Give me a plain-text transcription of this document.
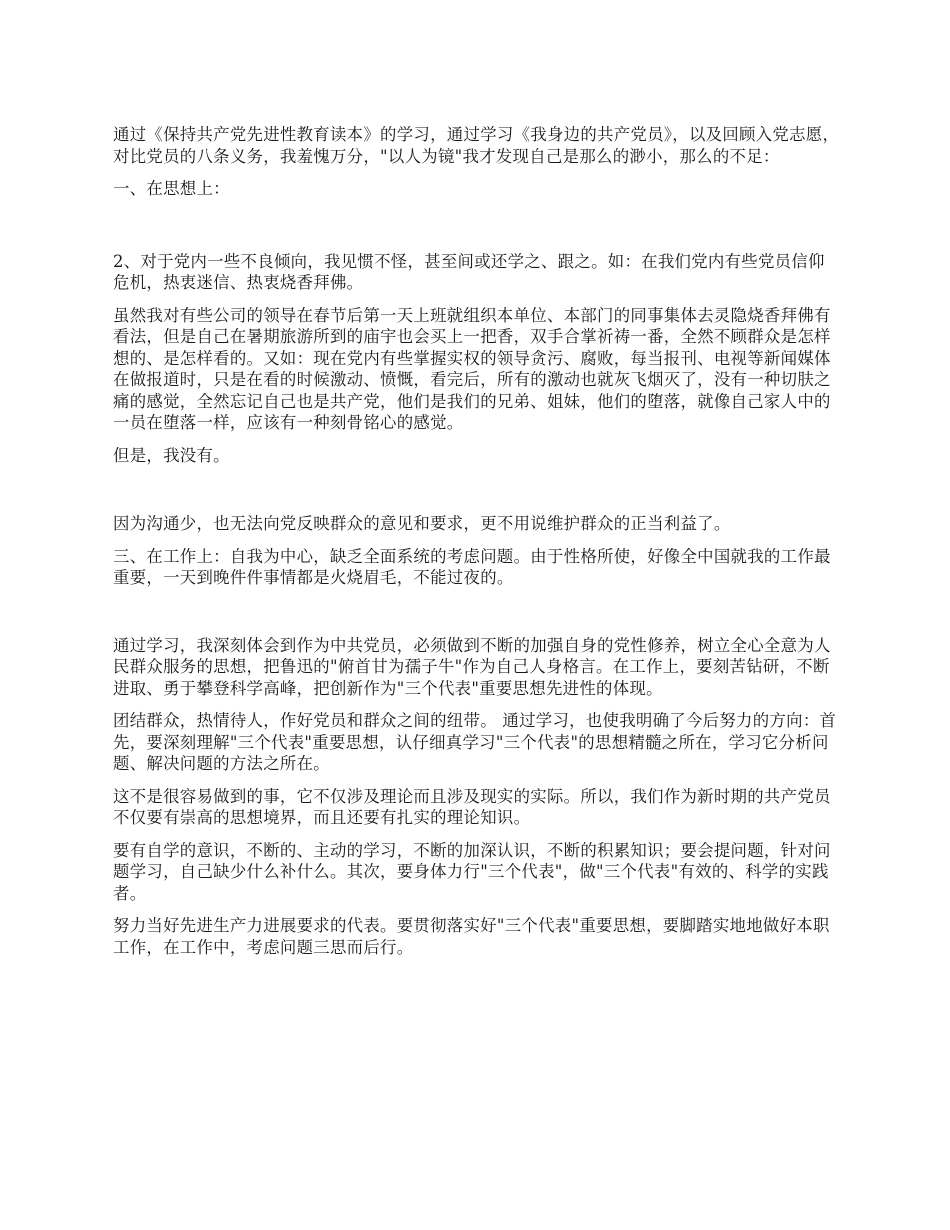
通过《保持共产党先进性教育读本》的学习，通过学习《我身边的共产党员》，以及回顾入党志愿，对比党员的八条义务，我羞愧万分，"以人为镜"我才发现自己是那么的渺小，那么的不足：

一、在思想上：

2、对于党内一些不良倾向，我见惯不怪，甚至间或还学之、跟之。如：在我们党内有些党员信仰危机，热衷迷信、热衷烧香拜佛。

虽然我对有些公司的领导在春节后第一天上班就组织本单位、本部门的同事集体去灵隐烧香拜佛有看法，但是自己在暑期旅游所到的庙宇也会买上一把香，双手合掌祈祷一番，全然不顾群众是怎样想的、是怎样看的。又如：现在党内有些掌握实权的领导贪污、腐败，每当报刊、电视等新闻媒体在做报道时，只是在看的时候激动、愤慨，看完后，所有的激动也就灰飞烟灭了，没有一种切肤之痛的感觉，全然忘记自己也是共产党，他们是我们的兄弟、姐妹，他们的堕落，就像自己家人中的一员在堕落一样，应该有一种刻骨铭心的感觉。

但是，我没有。

因为沟通少，也无法向党反映群众的意见和要求，更不用说维护群众的正当利益了。

三、在工作上：自我为中心，缺乏全面系统的考虑问题。由于性格所使，好像全中国就我的工作最重要，一天到晚件件事情都是火烧眉毛，不能过夜的。

通过学习，我深刻体会到作为中共党员，必须做到不断的加强自身的党性修养，树立全心全意为人民群众服务的思想，把鲁迅的"俯首甘为孺子牛"作为自己人身格言。在工作上，要刻苦钻研，不断进取、勇于攀登科学高峰，把创新作为"三个代表"重要思想先进性的体现。

团结群众，热情待人，作好党员和群众之间的纽带。 通过学习，也使我明确了今后努力的方向：首先，要深刻理解"三个代表"重要思想，认仔细真学习"三个代表"的思想精髓之所在，学习它分析问题、解决问题的方法之所在。

这不是很容易做到的事，它不仅涉及理论而且涉及现实的实际。所以，我们作为新时期的共产党员不仅要有崇高的思想境界，而且还要有扎实的理论知识。

要有自学的意识，不断的、主动的学习，不断的加深认识，不断的积累知识；要会提问题，针对问题学习，自己缺少什么补什么。其次，要身体力行"三个代表"，做"三个代表"有效的、科学的实践者。

努力当好先进生产力进展要求的代表。要贯彻落实好"三个代表"重要思想，要脚踏实地地做好本职工作，在工作中，考虑问题三思而后行。
